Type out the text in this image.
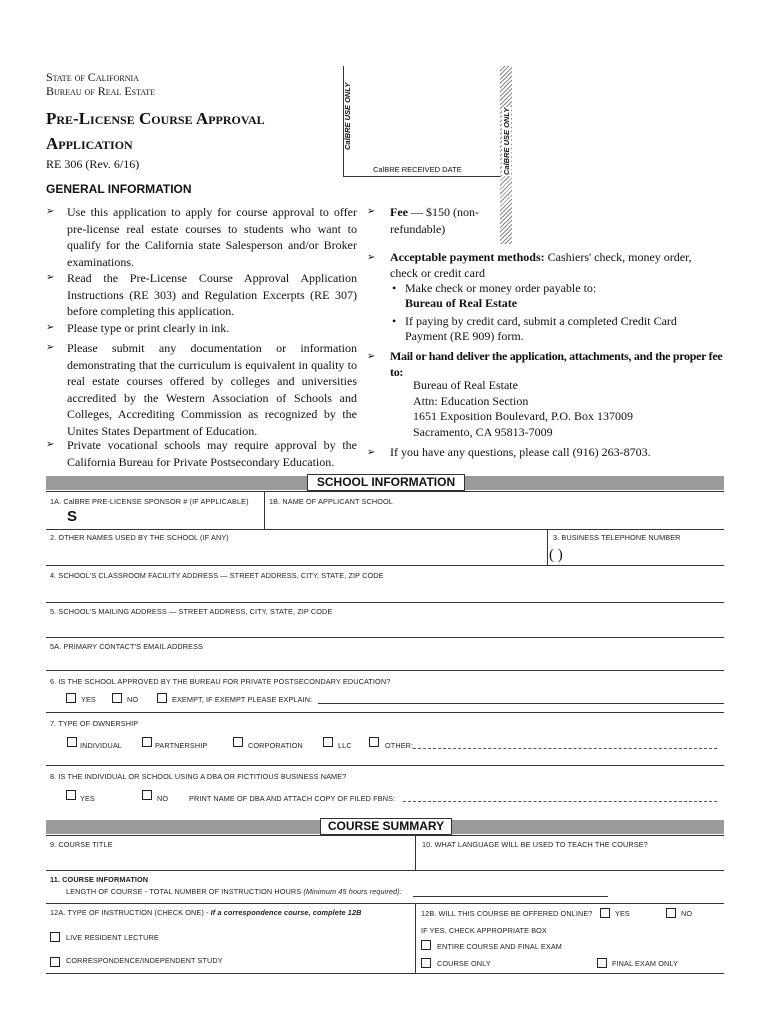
State of California
Bureau of Real Estate
Pre-License Course Approval
Application
RE 306 (Rev. 6/16)
CalBRE USE ONLY
CalBRE RECEIVED DATE	CalBRE USE ONLY
GENERAL INFORMATION
➢ Use this application to apply for course approval to offer pre-license real estate courses to students who want to qualify for the California state Salesperson and/or Broker examinations.
➢ Read the Pre-License Course Approval Application Instructions (RE 303) and Regulation Excerpts (RE 307) before completing this application.
➢ Please type or print clearly in ink.
➢ Please submit any documentation or information demonstrating that the curriculum is equivalent in quality to real estate courses offered by colleges and universities accredited by the Western Association of Schools and Colleges, Accrediting Commission as recognized by the Unites States Department of Education.
➢ Private vocational schools may require approval by the California Bureau for Private Postsecondary Education.
➢ Fee — $150 (non-refundable)
➢ Acceptable payment methods: Cashiers' check, money order, check or credit card
• Make check or money order payable to:
Bureau of Real Estate
• If paying by credit card, submit a completed Credit Card Payment (RE 909) form.
➢ Mail or hand deliver the application, attachments, and the proper fee to:
Bureau of Real Estate
Attn: Education Section
1651 Exposition Boulevard, P.O. Box 137009
Sacramento, CA 95813-7009
➢ If you have any questions, please call (916) 263-8703.
SCHOOL INFORMATION
1A. CalBRE PRE-LICENSE SPONSOR # (IF APPLICABLE)
S
1B. NAME OF APPLICANT SCHOOL
2. OTHER NAMES USED BY THE SCHOOL (IF ANY)	3. BUSINESS TELEPHONE NUMBER
( )
4. SCHOOL'S CLASSROOM FACILITY ADDRESS — STREET ADDRESS, CITY, STATE, ZIP CODE
5. SCHOOL'S MAILING ADDRESS — STREET ADDRESS, CITY, STATE, ZIP CODE
5A. PRIMARY CONTACT'S EMAIL ADDRESS
6. IS THE SCHOOL APPROVED BY THE BUREAU FOR PRIVATE POSTSECONDARY EDUCATION?
YES	NO	EXEMPT, IF EXEMPT PLEASE EXPLAIN:
7. TYPE OF OWNERSHIP
INDIVIDUAL	PARTNERSHIP	CORPORATION	LLC	OTHER:
8. IS THE INDIVIDUAL OR SCHOOL USING A DBA OR FICTITIOUS BUSINESS NAME?
YES	NO	PRINT NAME OF DBA AND ATTACH COPY OF FILED FBNS:
COURSE SUMMARY
9. COURSE TITLE	10. WHAT LANGUAGE WILL BE USED TO TEACH THE COURSE?
11. COURSE INFORMATION
LENGTH OF COURSE - TOTAL NUMBER OF INSTRUCTION HOURS (Minimum 45 hours required):
12A. TYPE OF INSTRUCTION (CHECK ONE) - If a correspondence course, complete 12B
LIVE RESIDENT LECTURE
CORRESPONDENCE/INDEPENDENT STUDY
12B. WILL THIS COURSE BE OFFERED ONLINE?	YES	NO
IF YES, CHECK APPROPRIATE BOX
ENTIRE COURSE AND FINAL EXAM
COURSE ONLY	FINAL EXAM ONLY
